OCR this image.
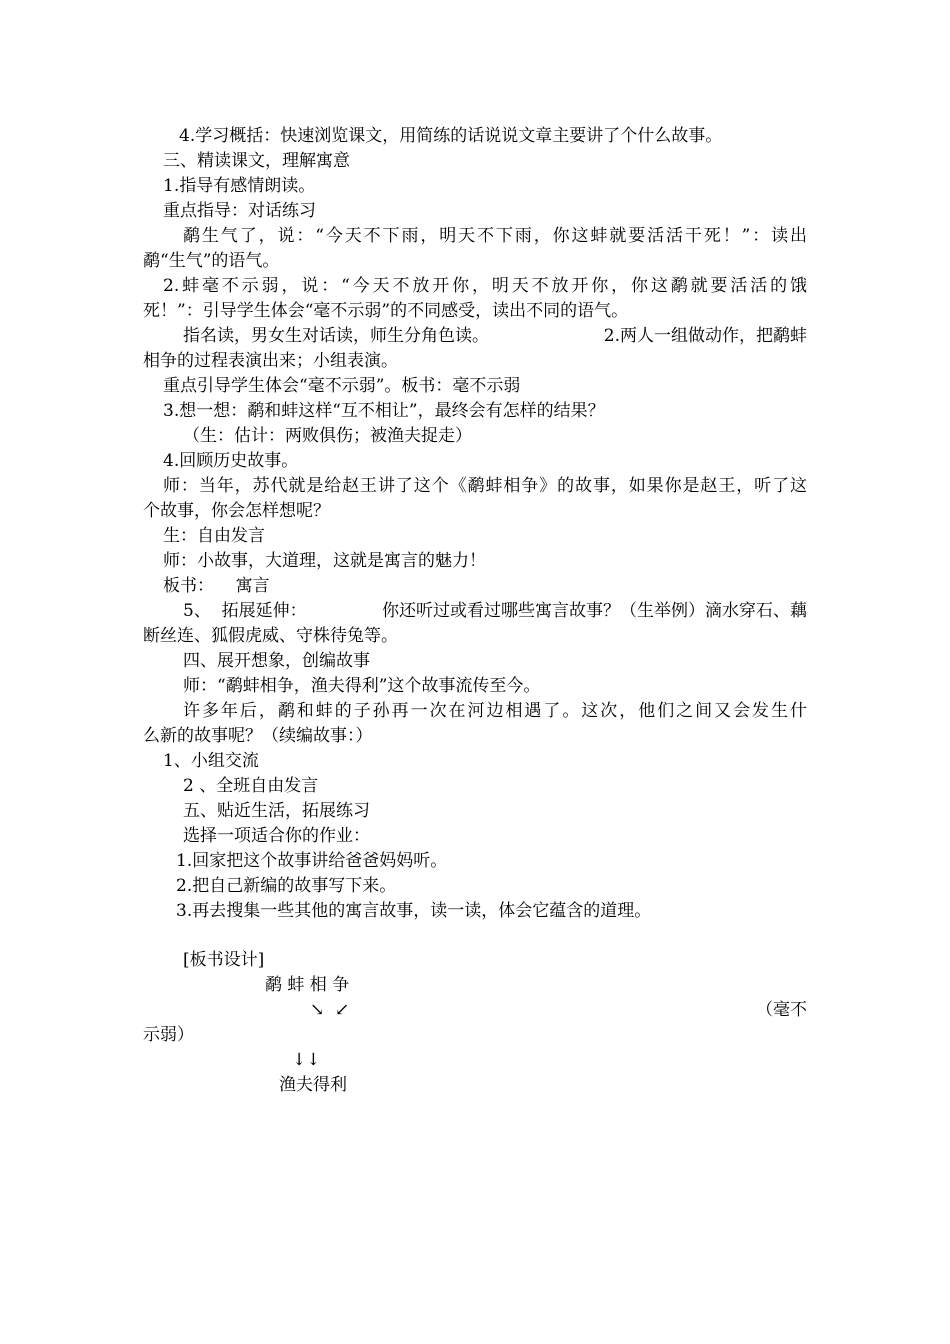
4.学习概括：快速浏览课文，用简练的话说说文章主要讲了个什么故事。
三、精读课文，理解寓意
1.指导有感情朗读。
重点指导：对话练习
鹬生气了，说：“今天不下雨，明天不下雨，你这蚌就要活活干死！”：读出
鹬“生气”的语气。
2.蚌毫不示弱，说：“今天不放开你，明天不放开你，你这鹬就要活活的饿
死！”：引导学生体会“毫不示弱”的不同感受，读出不同的语气。
指名读，男女生对话读，师生分角色读。	2.两人一组做动作，把鹬蚌
相争的过程表演出来；小组表演。
重点引导学生体会“毫不示弱”。板书：毫不示弱
3.想一想：鹬和蚌这样“互不相让”，最终会有怎样的结果？
（生：估计：两败俱伤；被渔夫捉走）
4.回顾历史故事。
师：当年，苏代就是给赵王讲了这个《鹬蚌相争》的故事，如果你是赵王，听了这
个故事，你会怎样想呢？
生：自由发言
师：小故事，大道理，这就是寓言的魅力！
板书：    寓言
5、  拓展延伸：	你还听过或看过哪些寓言故事？（生举例）滴水穿石、藕
断丝连、狐假虎威、守株待兔等。
四、展开想象，创编故事
师：“鹬蚌相争，渔夫得利”这个故事流传至今。
许多年后，鹬和蚌的子孙再一次在河边相遇了。这次，他们之间又会发生什
么新的故事呢？（续编故事：）
1、小组交流
2 、全班自由发言
五、贴近生活，拓展练习
选择一项适合你的作业：
1.回家把这个故事讲给爸爸妈妈听。
2.把自己新编的故事写下来。
3.再去搜集一些其他的寓言故事，读一读，体会它蕴含的道理。
[板书设计]
鹬 蚌 相 争
↘  ↙	（毫不
示弱）
↓↓
渔夫得利
